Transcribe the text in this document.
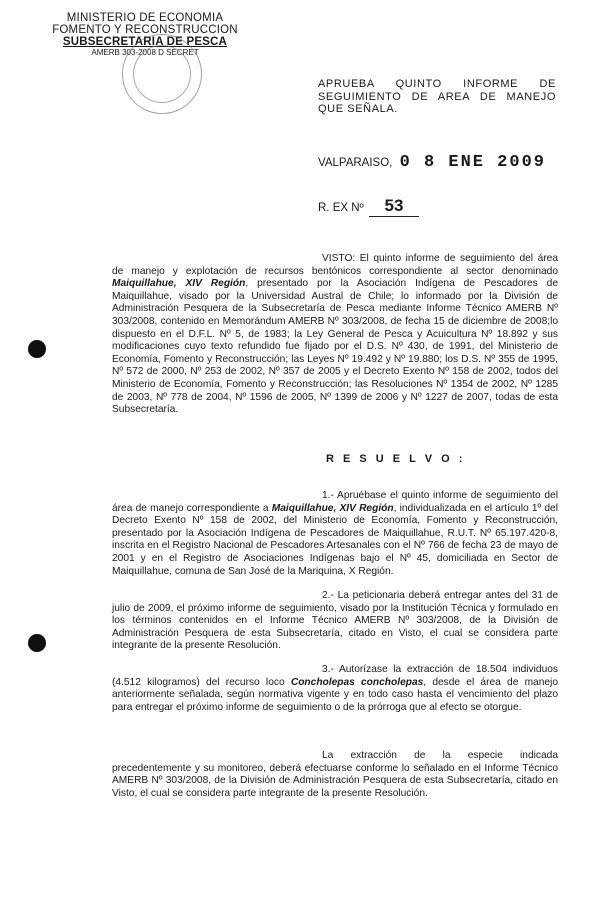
MINISTERIO DE ECONOMIA
FOMENTO Y RECONSTRUCCION
SUBSECRETARIA DE PESCA
AMERB 303-2008 D SECRET
APRUEBA QUINTO INFORME DE SEGUIMIENTO DE AREA DE MANEJO QUE SEÑALA.
VALPARAISO, 0 8 ENE 2009
R. EX Nº 53
VISTO: El quinto informe de seguimiento del área de manejo y explotación de recursos bentónicos correspondiente al sector denominado Maiquillahue, XIV Región, presentado por la Asociación Indígena de Pescadores de Maiquillahue, visado por la Universidad Austral de Chile; lo informado por la División de Administración Pesquera de la Subsecretaría de Pesca mediante Informe Técnico AMERB Nº 303/2008, contenido en Memorándum AMERB Nº 303/2008, de fecha 15 de diciembre de 2008;lo dispuesto en el D.F.L. Nº 5, de 1983; la Ley General de Pesca y Acuicultura Nº 18.892 y sus modificaciones cuyo texto refundido fue fijado por el D.S. Nº 430, de 1991, del Ministerio de Economía, Fomento y Reconstrucción; las Leyes Nº 19.492 y Nº 19.880; los D.S. Nº 355 de 1995, Nº 572 de 2000, Nº 253 de 2002, Nº 357 de 2005 y el Decreto Exento Nº 158 de 2002, todos del Ministerio de Economía, Fomento y Reconstrucción; las Resoluciones Nº 1354 de 2002, Nº 1285 de 2003, Nº 778 de 2004, Nº 1596 de 2005, Nº 1399 de 2006 y Nº 1227 de 2007, todas de esta Subsecretaría.
R E S U E L V O :
1.- Apruébase el quinto informe de seguimiento del área de manejo correspondiente a Maiquillahue, XIV Región, individualizada en el artículo 1º del Decreto Exento Nº 158 de 2002, del Ministerio de Economía, Fomento y Reconstrucción, presentado por la Asociación Indígena de Pescadores de Maiquillahue, R.U.T. Nº 65.197.420-8, inscrita en el Registro Nacional de Pescadores Artesanales con el Nº 766 de fecha 23 de mayo de 2001 y en el Registro de Asociaciones Indígenas bajo el Nº 45, domiciliada en Sector de Maiquillahue, comuna de San José de la Mariquina, X Región.
2.- La peticionaria deberá entregar antes del 31 de julio de 2009, el próximo informe de seguimiento, visado por la Institución Técnica y formulado en los términos contenidos en el Informe Técnico AMERB Nº 303/2008, de la División de Administración Pesquera de esta Subsecretaría, citado en Visto, el cual se considera parte integrante de la presente Resolución.
3.- Autorízase la extracción de 18.504 individuos (4.512 kilogramos) del recurso loco Concholepas concholepas, desde el área de manejo anteriormente señalada, según normativa vigente y en todo caso hasta el vencimiento del plazo para entregar el próximo informe de seguimiento o de la prórroga que al efecto se otorgue.
La extracción de la especie indicada precedentemente y su monitoreo, deberá efectuarse conforme lo señalado en el Informe Técnico AMERB Nº 303/2008, de la División de Administración Pesquera de esta Subsecretaría, citado en Visto, el cual se considera parte integrante de la presente Resolución.
